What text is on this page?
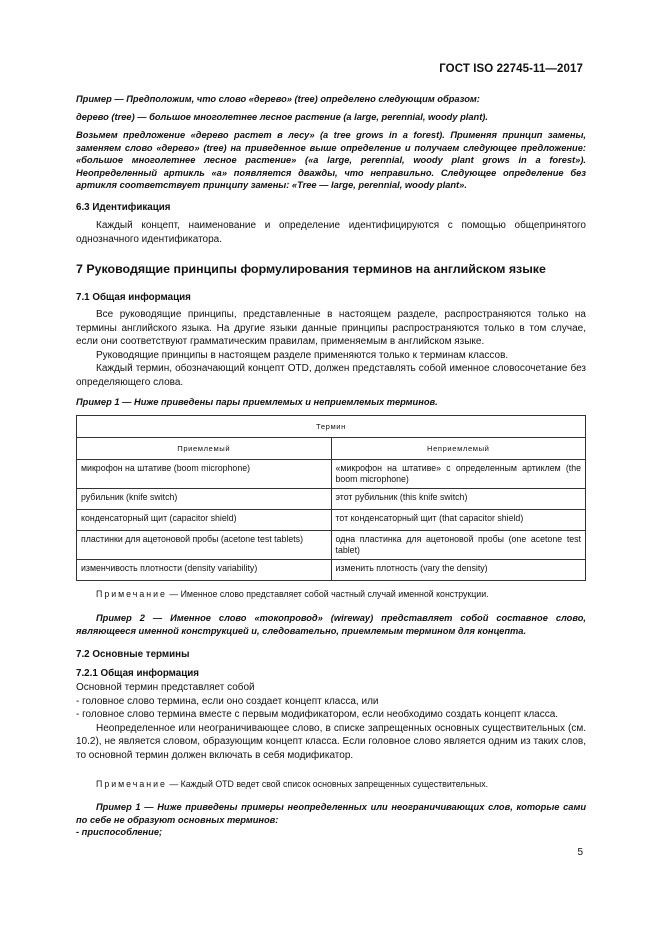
ГОСТ ISO 22745-11—2017

Пример — Предположим, что слово «дерево» (tree) определено следующим образом:

дерево (tree) — большое многолетнее лесное растение (a large, perennial, woody plant).

Возьмем предложение «дерево растет в лесу» (a tree grows in a forest). Применяя принцип замены, заменяем слово «дерево» (tree) на приведенное выше определение и получаем следующее предложение: «большое многолетнее лесное растение» («a large, perennial, woody plant grows in a forest»). Неопределенный артикль «a» появляется дважды, что неправильно. Следующее определение без артикля соответствует принципу замены: «Tree — large, perennial, woody plant».

6.3 Идентификация

Каждый концепт, наименование и определение идентифицируются с помощью общепринятого однозначного идентификатора.

7 Руководящие принципы формулирования терминов на английском языке
7.1 Общая информация

Все руководящие принципы, представленные в настоящем разделе, распространяются только на термины английского языка. На другие языки данные принципы распространяются только в том случае, если они соответствуют грамматическим правилам, применяемым в английском языке.

Руководящие принципы в настоящем разделе применяются только к терминам классов.

Каждый термин, обозначающий концепт OTD, должен представлять собой именное словосочетание без определяющего слова.

Пример 1 — Ниже приведены пары приемлемых и неприемлемых терминов.
Термин	
Приемлемый	Неприемлемый
микрофон на штативе (boom microphone)	«микрофон на штативе» с определенным артиклем (the boom microphone)
рубильник (knife switch)	этот рубильник (this knife switch)
конденсаторный щит (capacitor shield)	тот конденсаторный щит (that capacitor shield)
пластинки для ацетоновой пробы (acetone test tablets)	одна пластинка для ацетоновой пробы (one acetone test tablet)
изменчивость плотности (density variability)	изменить плотность (vary the density)

Примечание — Именное слово представляет собой частный случай именной конструкции.

Пример 2 — Именное слово «токопровод» (wireway) представляет собой составное слово, являющееся именной конструкцией и, следовательно, приемлемым термином для концепта.

7.2 Основные термины
7.2.1 Общая информация

Основной термин представляет собой

- головное слово термина, если оно создает концепт класса, или

- головное слово термина вместе с первым модификатором, если необходимо создать концепт класса.

Неопределенное или неограничивающее слово, в списке запрещенных основных существительных (см. 10.2), не является словом, образующим концепт класса. Если головное слово является одним из таких слов, то основной термин должен включать в себя модификатор.

Примечание — Каждый OTD ведет свой список основных запрещенных существительных.

Пример 1 — Ниже приведены примеры неопределенных или неограничивающих слов, которые сами по себе не образуют основных терминов:

- приспособление;

5
